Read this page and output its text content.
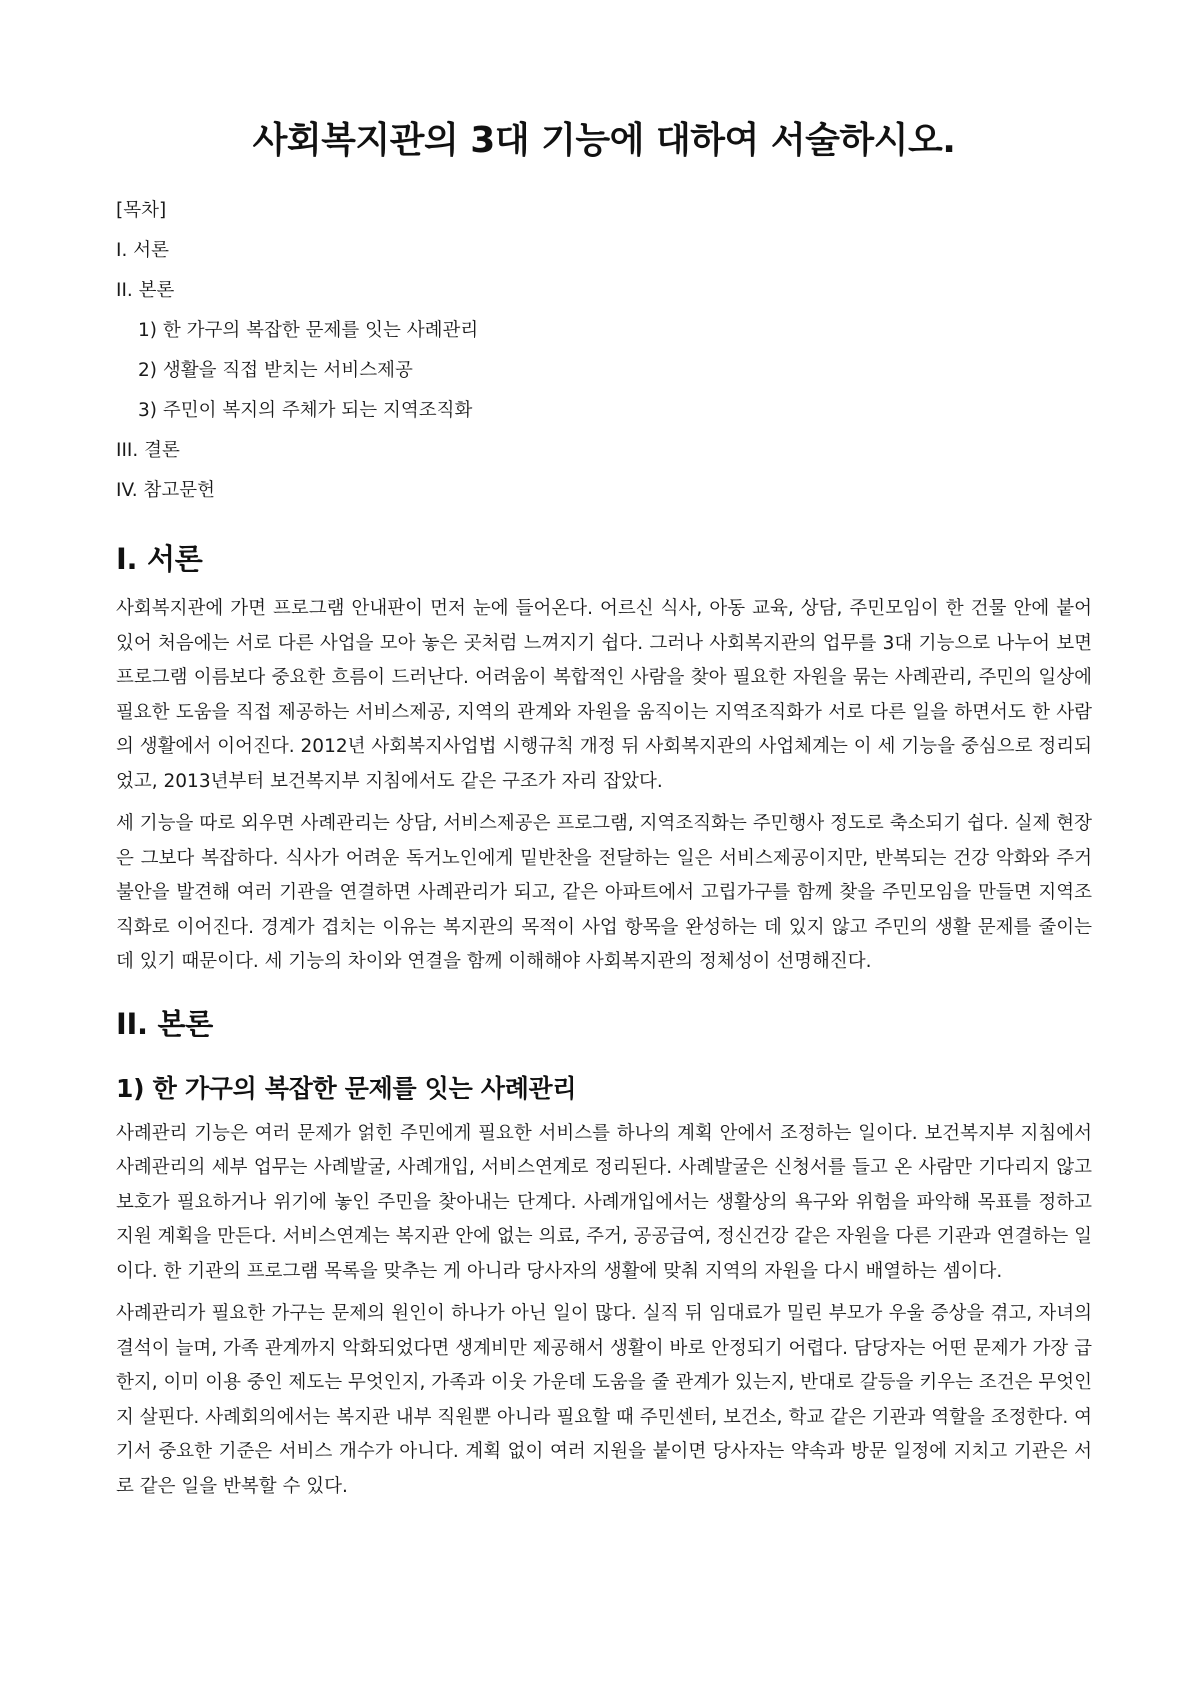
사회복지관의 3대 기능에 대하여 서술하시오.
[목차]
I. 서론
II. 본론
1) 한 가구의 복잡한 문제를 잇는 사례관리
2) 생활을 직접 받치는 서비스제공
3) 주민이 복지의 주체가 되는 지역조직화
III. 결론
IV. 참고문헌
I. 서론

사회복지관에 가면 프로그램 안내판이 먼저 눈에 들어온다. 어르신 식사, 아동 교육, 상담, 주민모임이 한 건물 안에 붙어 있어 처음에는 서로 다른 사업을 모아 놓은 곳처럼 느껴지기 쉽다. 그러나 사회복지관의 업무를 3대 기능으로 나누어 보면 프로그램 이름보다 중요한 흐름이 드러난다. 어려움이 복합적인 사람을 찾아 필요한 자원을 묶는 사례관리, 주민의 일상에 필요한 도움을 직접 제공하는 서비스제공, 지역의 관계와 자원을 움직이는 지역조직화가 서로 다른 일을 하면서도 한 사람의 생활에서 이어진다. 2012년 사회복지사업법 시행규칙 개정 뒤 사회복지관의 사업체계는 이 세 기능을 중심으로 정리되었고, 2013년부터 보건복지부 지침에서도 같은 구조가 자리 잡았다.

세 기능을 따로 외우면 사례관리는 상담, 서비스제공은 프로그램, 지역조직화는 주민행사 정도로 축소되기 쉽다. 실제 현장은 그보다 복잡하다. 식사가 어려운 독거노인에게 밑반찬을 전달하는 일은 서비스제공이지만, 반복되는 건강 악화와 주거 불안을 발견해 여러 기관을 연결하면 사례관리가 되고, 같은 아파트에서 고립가구를 함께 찾을 주민모임을 만들면 지역조직화로 이어진다. 경계가 겹치는 이유는 복지관의 목적이 사업 항목을 완성하는 데 있지 않고 주민의 생활 문제를 줄이는 데 있기 때문이다. 세 기능의 차이와 연결을 함께 이해해야 사회복지관의 정체성이 선명해진다.

II. 본론
1) 한 가구의 복잡한 문제를 잇는 사례관리

사례관리 기능은 여러 문제가 얽힌 주민에게 필요한 서비스를 하나의 계획 안에서 조정하는 일이다. 보건복지부 지침에서 사례관리의 세부 업무는 사례발굴, 사례개입, 서비스연계로 정리된다. 사례발굴은 신청서를 들고 온 사람만 기다리지 않고 보호가 필요하거나 위기에 놓인 주민을 찾아내는 단계다. 사례개입에서는 생활상의 욕구와 위험을 파악해 목표를 정하고 지원 계획을 만든다. 서비스연계는 복지관 안에 없는 의료, 주거, 공공급여, 정신건강 같은 자원을 다른 기관과 연결하는 일이다. 한 기관의 프로그램 목록을 맞추는 게 아니라 당사자의 생활에 맞춰 지역의 자원을 다시 배열하는 셈이다.

사례관리가 필요한 가구는 문제의 원인이 하나가 아닌 일이 많다. 실직 뒤 임대료가 밀린 부모가 우울 증상을 겪고, 자녀의 결석이 늘며, 가족 관계까지 악화되었다면 생계비만 제공해서 생활이 바로 안정되기 어렵다. 담당자는 어떤 문제가 가장 급한지, 이미 이용 중인 제도는 무엇인지, 가족과 이웃 가운데 도움을 줄 관계가 있는지, 반대로 갈등을 키우는 조건은 무엇인지 살핀다. 사례회의에서는 복지관 내부 직원뿐 아니라 필요할 때 주민센터, 보건소, 학교 같은 기관과 역할을 조정한다. 여기서 중요한 기준은 서비스 개수가 아니다. 계획 없이 여러 지원을 붙이면 당사자는 약속과 방문 일정에 지치고 기관은 서로 같은 일을 반복할 수 있다.
